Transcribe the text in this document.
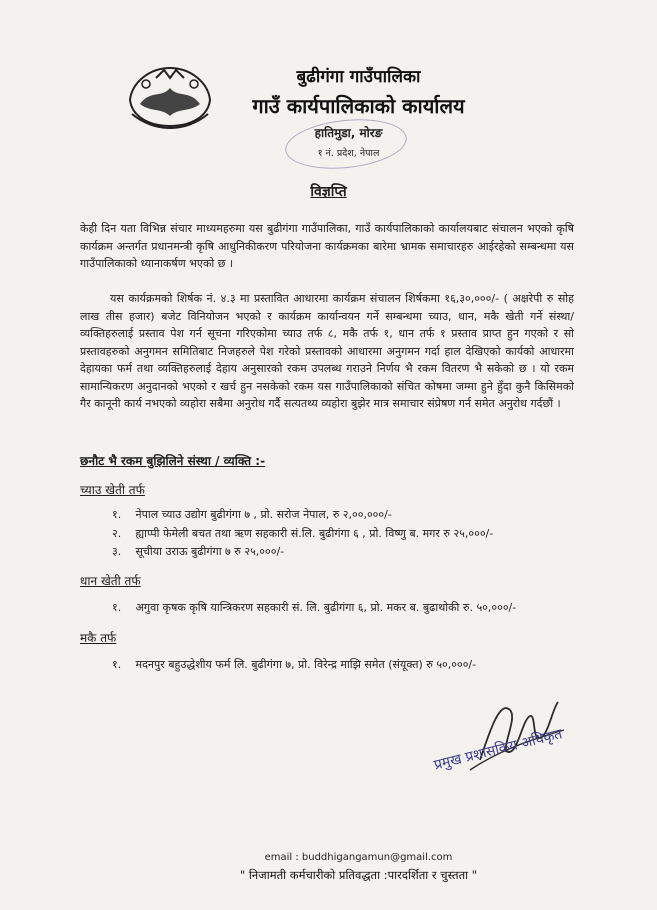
बुढीगंगा गाउँपालिका
गाउँ कार्यपालिकाको कार्यालय
हातिमुडा, मोरङ
१ नं. प्रदेश, नेपाल
विज्ञप्ति
केही दिन यता विभिन्न संचार माध्यमहरुमा यस बुढीगंगा गाउँपालिका, गाउँ कार्यपालिकाको कार्यालयबाट संचालन भएको कृषि कार्यक्रम अन्तर्गत प्रधानमन्त्री कृषि आधुनिकीकरण परियोजना कार्यक्रमका बारेमा भ्रामक समाचारहरु आईरहेको सम्बन्धमा यस गाउँपालिकाको ध्यानाकर्षण भएको छ ।
यस कार्यक्रमको शिर्षक नं. ४.३ मा प्रस्तावित आधारमा कार्यक्रम संचालन शिर्षकमा १६,३०,०००/- ( अक्षरेपी रु सोह लाख तीस हजार) बजेट विनियोजन भएको र कार्यक्रम कार्यान्वयन गर्ने सम्बन्धमा च्याउ, धान, मकै खेती गर्ने संस्था/ व्यक्तिहरुलाई प्रस्ताव पेश गर्न सूचना गरिएकोमा च्याउ तर्फ ८, मकै तर्फ १, धान तर्फ १ प्रस्ताव प्राप्त हुन गएको र सो प्रस्तावहरुको अनुगमन समितिबाट निजहरुले पेश गरेको प्रस्तावको आधारमा अनुगमन गर्दा हाल देखिएको कार्यको आधारमा देहायका फर्म तथा व्यक्तिहरुलाई देहाय अनुसारको रकम उपलब्ध गराउने निर्णय भै रकम वितरण भै सकेको छ । यो रकम सामान्यिकरण अनुदानको भएको र खर्च हुन नसकेको रकम यस गाउँपालिकाको संचित कोषमा जम्मा हुने हुँदा कुनै किसिमको गैर कानूनी कार्य नभएको व्यहोरा सबैमा अनुरोध गर्दै सत्यतथ्य व्यहोरा बुझेर मात्र समाचार संप्रेषण गर्न समेत अनुरोध गर्दछौं ।
छनौट भै रकम बुझिलिने संस्था / व्यक्ति :-
च्याउ खेती तर्फ
१. नेपाल च्याउ उद्योग बुढीगंगा ७ , प्रो. सरोज नेपाल, रु २,००,०००/-
२. ह्याप्पी फेमेली बचत तथा ऋण सहकारी सं.लि. बुढीगंगा ६ , प्रो. विष्णु ब. मगर रु २५,०००/-
३. सूचीया उराऊ बुढीगंगा ७ रु २५,०००/-
धान खेती तर्फ
१. अगुवा कृषक कृषि यान्त्रिकरण सहकारी सं. लि. बुढीगंगा ६, प्रो. मकर ब. बुढाथोकी रु. ५०,०००/-
मकै तर्फ
१. मदनपुर बहुउद्धेशीय फर्म लि. बुढीगंगा ७, प्रो. विरेन्द्र माझि समेत (संयूक्त) रु ५०,०००/-
प्रमुख प्रशासकिय अधिकृत
email : buddhigangamun@gmail.com
" निजामती कर्मचारीको प्रतिवद्धता :पारदर्शिता र चुस्तता "
